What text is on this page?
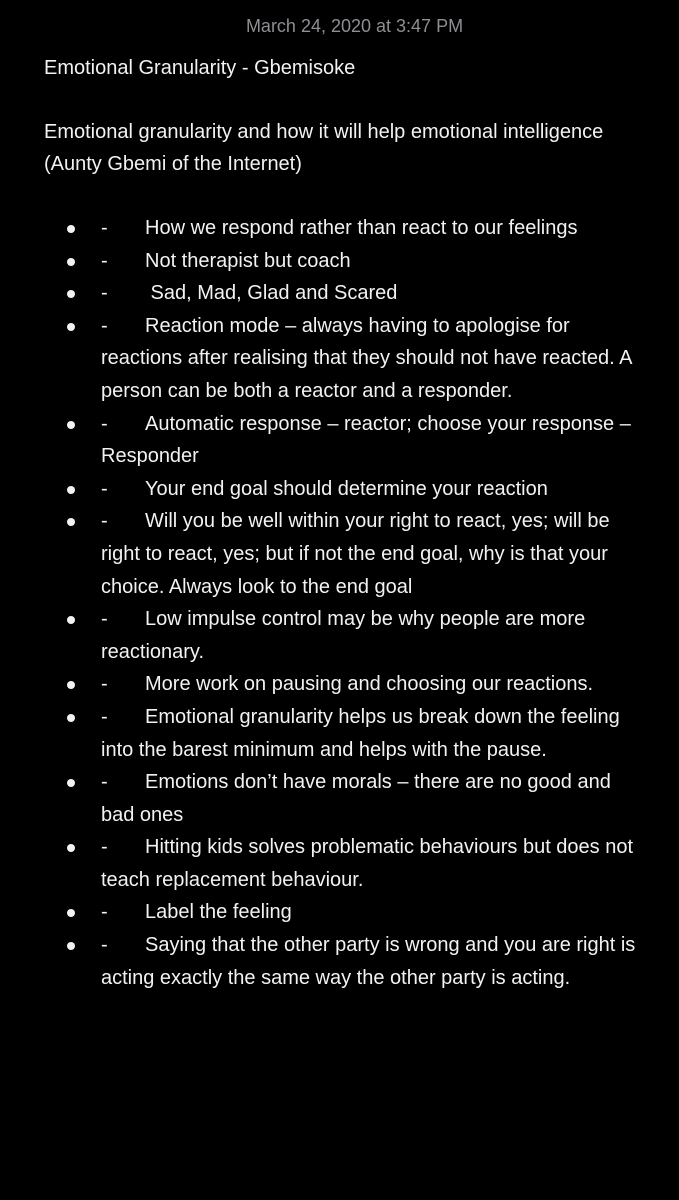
March 24, 2020 at 3:47 PM
Emotional Granularity - Gbemisoke
Emotional granularity and how it will help emotional intelligence (Aunty Gbemi of the Internet)
- How we respond rather than react to our feelings
- Not therapist but coach
- Sad, Mad, Glad and Scared
- Reaction mode – always having to apologise for reactions after realising that they should not have reacted. A person can be both a reactor and a responder.
- Automatic response – reactor; choose your response – Responder
- Your end goal should determine your reaction
- Will you be well within your right to react, yes; will be right to react, yes; but if not the end goal, why is that your choice. Always look to the end goal
- Low impulse control may be why people are more reactionary.
- More work on pausing and choosing our reactions.
- Emotional granularity helps us break down the feeling into the barest minimum and helps with the pause.
- Emotions don’t have morals – there are no good and bad ones
- Hitting kids solves problematic behaviours but does not teach replacement behaviour.
- Label the feeling
- Saying that the other party is wrong and you are right is acting exactly the same way the other party is acting.
